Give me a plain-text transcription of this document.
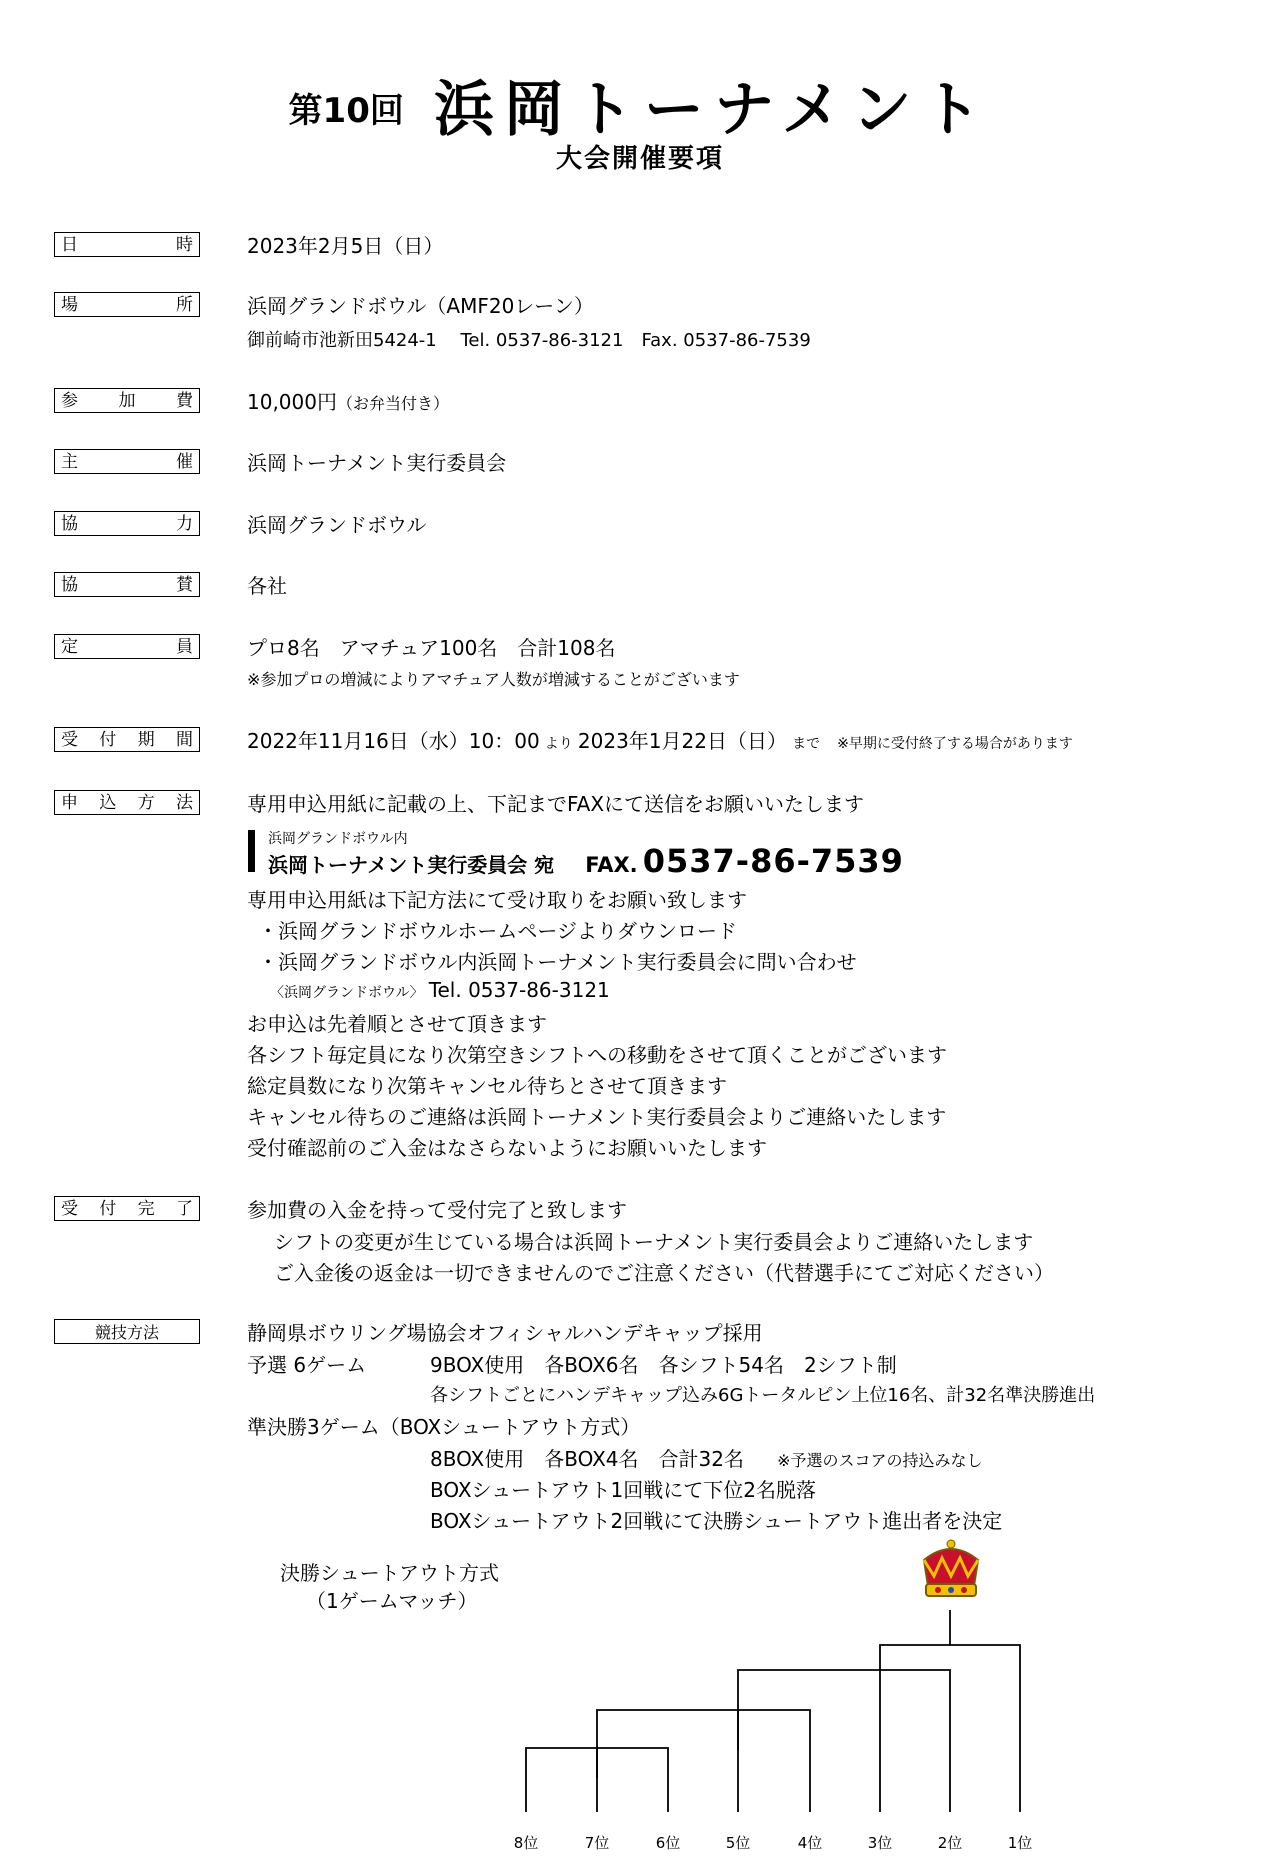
第10回 浜岡トーナメント
大会開催要項
日	時	2023年2月5日（日）
場	所	浜岡グランドボウル（AMF20レーン）
御前崎市池新田5424-1　 Tel. 0537-86-3121　Fax. 0537-86-7539
参 加 費	10,000円（お弁当付き）
主	催	浜岡トーナメント実行委員会
協	力	浜岡グランドボウル
協	賛	各社
定	員	プロ8名　アマチュア100名　合計108名
※参加プロの増減によりアマチュア人数が増減することがございます
受 付 期 間	2022年11月16日（水）10：00 より 2023年1月22日（日） まで ※早期に受付終了する場合があります
申 込 方 法	専用申込用紙に記載の上、下記までFAXにて送信をお願いいたします
浜岡グランドボウル内
浜岡トーナメント実行委員会 宛 FAX. 0537-86-7539
専用申込用紙は下記方法にて受け取りをお願い致します
・浜岡グランドボウルホームページよりダウンロード
・浜岡グランドボウル内浜岡トーナメント実行委員会に問い合わせ
〈浜岡グランドボウル〉 Tel. 0537-86-3121
お申込は先着順とさせて頂きます
各シフト毎定員になり次第空きシフトへの移動をさせて頂くことがございます
総定員数になり次第キャンセル待ちとさせて頂きます
キャンセル待ちのご連絡は浜岡トーナメント実行委員会よりご連絡いたします
受付確認前のご入金はなさらないようにお願いいたします
受 付 完 了	参加費の入金を持って受付完了と致します
シフトの変更が生じている場合は浜岡トーナメント実行委員会よりご連絡いたします
ご入金後の返金は一切できませんのでご注意ください（代替選手にてご対応ください）
競技方法	静岡県ボウリング場協会オフィシャルハンデキャップ採用
予選 6ゲーム	9BOX使用　各BOX6名　各シフト54名　2シフト制
各シフトごとにハンデキャップ込み6Gトータルピン上位16名、計32名準決勝進出
準決勝3ゲーム（BOXシュートアウト方式）
8BOX使用　各BOX4名　合計32名 ※予選のスコアの持込みなし
BOXシュートアウト1回戦にて下位2名脱落
BOXシュートアウト2回戦にて決勝シュートアウト進出者を決定
決勝シュートアウト方式
（1ゲームマッチ）
8位	7位	6位	5位	4位	3位	2位	1位
